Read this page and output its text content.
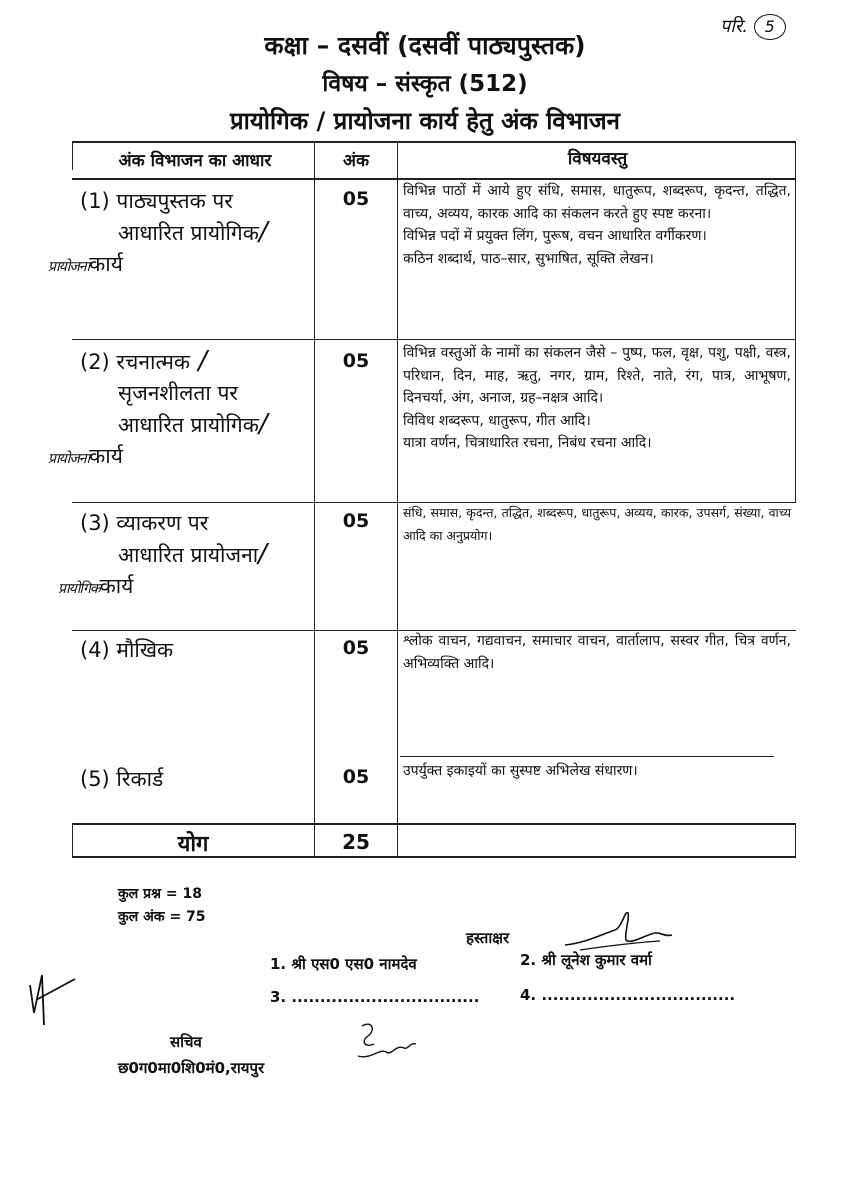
परि. 5
कक्षा – दसवीं (दसवीं पाठ्यपुस्तक)
विषय – संस्कृत (512)
प्रायोगिक / प्रायोजना कार्य हेतु अंक विभाजन
अंक विभाजन का आधार	अंक	विषयवस्तु
(1) पाठ्यपुस्तक पर
आधारित प्रायोगिक/
प्रायोजनाकार्य
05	विभिन्न पाठों में आये हुए संधि, समास, धातुरूप, शब्दरूप, कृदन्त, तद्धित, वाच्य, अव्यय, कारक आदि का संकलन करते हुए स्पष्ट करना।

विभिन्न पदों में प्रयुक्त लिंग, पुरूष, वचन आधारित वर्गीकरण।

कठिन शब्दार्थ, पाठ–सार, सुभाषित, सूक्ति लेखन।

(2) रचनात्मक /
सृजनशीलता पर
आधारित प्रायोगिक/
प्रायोजनाकार्य
05	विभिन्न वस्तुओं के नामों का संकलन जैसे – पुष्प, फल, वृक्ष, पशु, पक्षी, वस्त्र, परिधान, दिन, माह, ऋतु, नगर, ग्राम, रिश्ते, नाते, रंग, पात्र, आभूषण, दिनचर्या, अंग, अनाज, ग्रह–नक्षत्र आदि।

विविध शब्दरूप, धातुरूप, गीत आदि।

यात्रा वर्णन, चित्राधारित रचना, निबंध रचना आदि।

(3) व्याकरण पर
आधारित प्रायोजना/
प्रायोगिककार्य
05	संधि, समास, कृदन्त, तद्धित, शब्दरूप, धातुरूप, अव्यय, कारक, उपसर्ग, संख्या, वाच्य आदि का अनुप्रयोग।

(4) मौखिक	05	श्लोक वाचन, गद्यवाचन, समाचार वाचन, वार्तालाप, सस्वर गीत, चित्र वर्णन, अभिव्यक्ति आदि।

(5) रिकार्ड	05	उपर्युक्त इकाइयों का सुस्पष्ट अभिलेख संधारण।

योग	25
कुल प्रश्न = 18
कुल अंक = 75
हस्ताक्षर
1. श्री एस0 एस0 नामदेव	2. श्री लूनेश कुमार वर्मा
3. .................................	4. ..................................
सचिव
छ0ग0मा0शि0मं0,रायपुर
